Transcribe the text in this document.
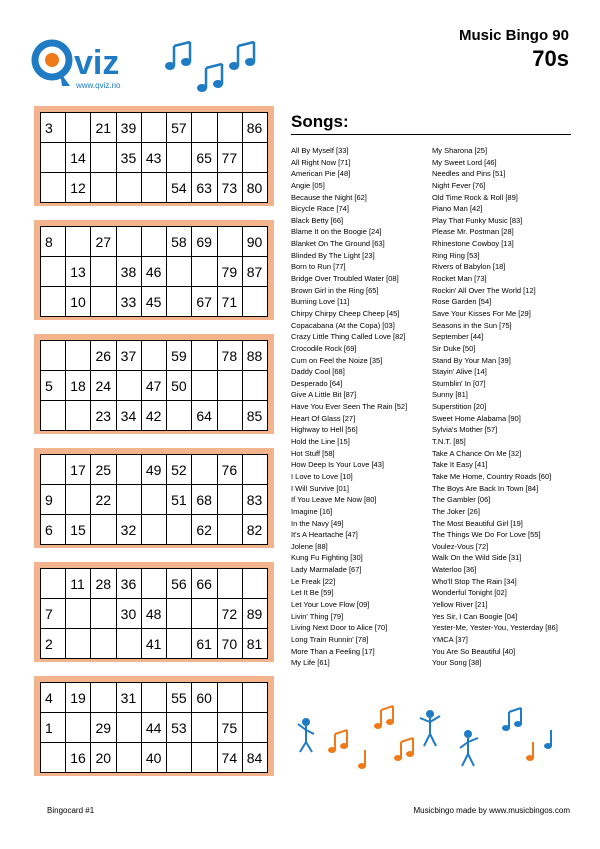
viz
www.qviz.no
Music Bingo 90
70s
3		21	39		57			86
	14		35	43		65	77	
	12				54	63	73	80
8		27			58	69		90
	13		38	46			79	87
	10		33	45		67	71	
		26	37		59		78	88
5	18	24		47	50			
		23	34	42		64		85
	17	25		49	52		76	
9		22			51	68		83
6	15		32			62		82
	11	28	36		56	66		
7			30	48			72	89
2				41		61	70	81
4	19		31		55	60		
1		29		44	53		75	
	16	20		40			74	84
Songs:
All By Myself [33]
All Right Now [71]
American Pie [48]
Angie [05]
Because the Night [62]
Bicycle Race [74]
Black Betty [66]
Blame It on the Boogie [24]
Blanket On The Ground [63]
Blinded By The Light [23]
Born to Run [77]
Bridge Over Troubled Water [08]
Brown Girl in the Ring [65]
Burning Love [11]
Chirpy Chirpy Cheep Cheep [45]
Copacabana (At the Copa) [03]
Crazy Little Thing Called Love [82]
Crocodile Rock [69]
Cum on Feel the Noize [35]
Daddy Cool [68]
Desperado [64]
Give A Little Bit [87]
Have You Ever Seen The Rain [52]
Heart Of Glass [27]
Highway to Hell [56]
Hold the Line [15]
Hot Stuff [58]
How Deep Is Your Love [43]
I Love to Love [10]
I Will Survive [01]
If You Leave Me Now [80]
Imagine [16]
In the Navy [49]
It's A Heartache [47]
Jolene [88]
Kung Fu Fighting [30]
Lady Marmalade [67]
Le Freak [22]
Let It Be [59]
Let Your Love Flow [09]
Livin' Thing [79]
Living Next Door to Alice [70]
Long Train Runnin' [78]
More Than a Feeling [17]
My Life [61]
My Sharona [25]
My Sweet Lord [46]
Needles and Pins [51]
Night Fever [76]
Old Time Rock & Roll [89]
Piano Man [42]
Play That Funky Music [83]
Please Mr. Postman [28]
Rhinestone Cowboy [13]
Ring Ring [53]
Rivers of Babylon [18]
Rocket Man [73]
Rockin' All Over The World [12]
Rose Garden [54]
Save Your Kisses For Me [29]
Seasons in the Sun [75]
September [44]
Sir Duke [50]
Stand By Your Man [39]
Stayin' Alive [14]
Stumblin' In [07]
Sunny [81]
Superstition [20]
Sweet Home Alabama [90]
Sylvia's Mother [57]
T.N.T. [85]
Take A Chance On Me [32]
Take It Easy [41]
Take Me Home, Country Roads [60]
The Boys Are Back In Town [84]
The Gambler [06]
The Joker [26]
The Most Beautiful Girl [19]
The Things We Do For Love [55]
Voulez-Vous [72]
Walk On the Wild Side [31]
Waterloo [36]
Who'll Stop The Rain [34]
Wonderful Tonight [02]
Yellow River [21]
Yes Sir, I Can Boogie [04]
Yester-Me, Yester-You, Yesterday [86]
YMCA [37]
You Are So Beautiful [40]
Your Song [38]
Bingocard #1	Musicbingo made by www.musicbingos.com
